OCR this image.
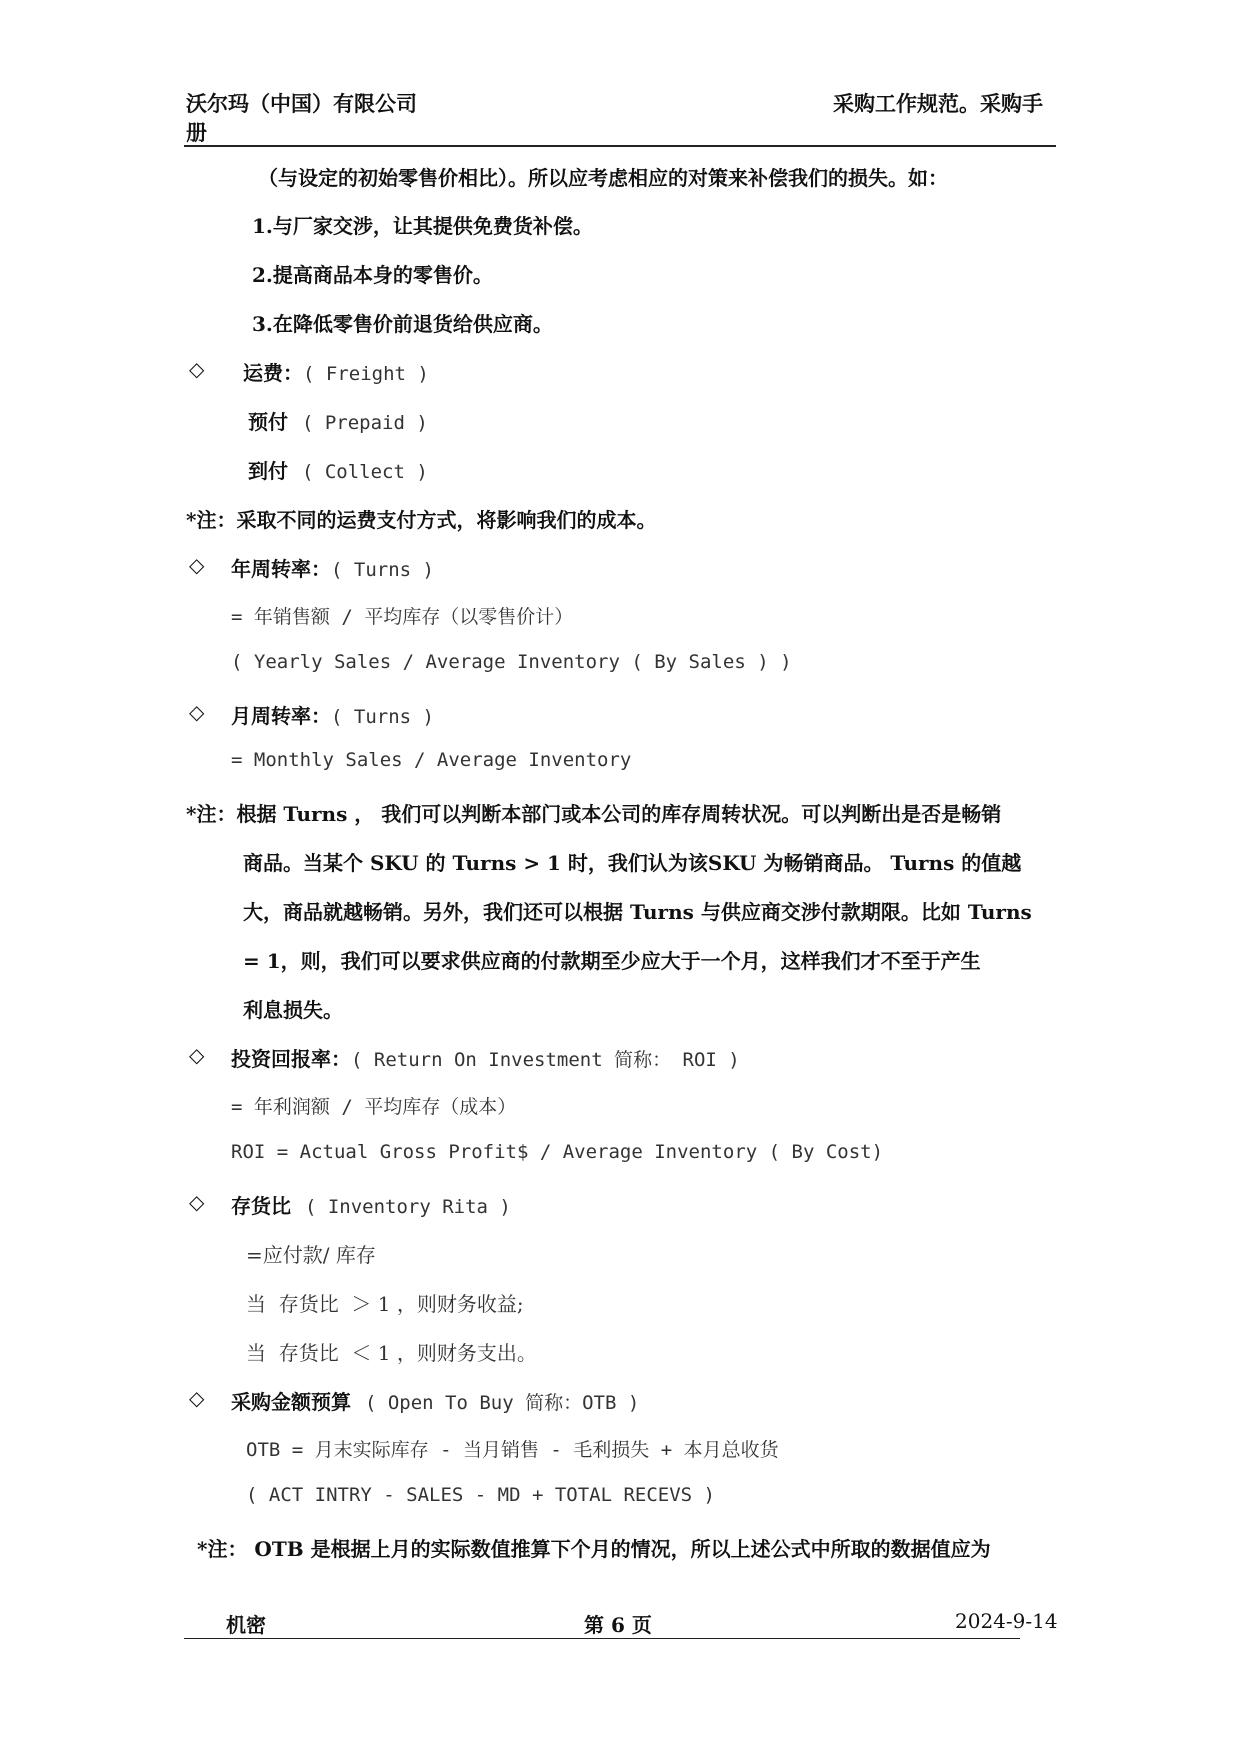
沃尔玛（中国）有限公司
册
采购工作规范。采购手
（与设定的初始零售价相比）。所以应考虑相应的对策来补偿我们的损失。如：
1.与厂家交涉，让其提供免费货补偿。
2.提高商品本身的零售价。
3.在降低零售价前退货给供应商。
◇ 运费：( Freight )
预付 ( Prepaid )
到付 ( Collect )
*注：采取不同的运费支付方式，将影响我们的成本。
◇ 年周转率：( Turns )
= 年销售额 / 平均库存（以零售价计）
( Yearly Sales / Average Inventory ( By Sales ) )
◇ 月周转率：( Turns )
= Monthly Sales / Average Inventory
*注：根据 Turns ， 我们可以判断本部门或本公司的库存周转状况。可以判断出是否是畅销
商品。当某个 SKU 的 Turns > 1 时，我们认为该SKU 为畅销商品。 Turns 的值越
大，商品就越畅销。另外，我们还可以根据 Turns 与供应商交涉付款期限。比如 Turns
= 1，则，我们可以要求供应商的付款期至少应大于一个月，这样我们才不至于产生
利息损失。
◇ 投资回报率：( Return On Investment 简称： ROI )
= 年利润额 / 平均库存（成本）
ROI = Actual Gross Profit$ / Average Inventory ( By Cost)
◇ 存货比 ( Inventory Rita )
=应付款/ 库存
当  存货比  ＞ 1 ，则财务收益;
当  存货比  ＜ 1 ，则财务支出。
◇ 采购金额预算 ( Open To Buy 简称：OTB )
OTB = 月末实际库存 - 当月销售 - 毛利损失 + 本月总收货
( ACT INTRY - SALES - MD + TOTAL RECEVS )
*注： OTB 是根据上月的实际数值推算下个月的情况，所以上述公式中所取的数据值应为
机密	第 6 页	2024-9-14
